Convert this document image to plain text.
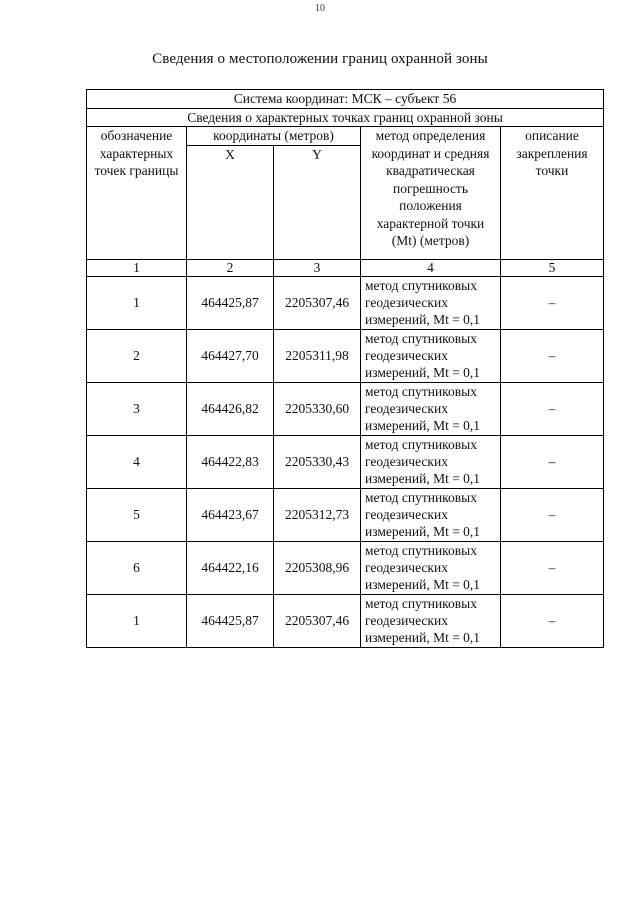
10
Сведения о местоположении границ охранной зоны
Система координат: МСК – субъект 56				
Сведения о характерных точках границ охранной зоны				
обозначение характерных точек границы	координаты (метров)		метод определения координат и средняя квадратическая погрешность положения характерной точки (Mt) (метров)	описание закрепления точки
	X	Y		
1	2	3	4	5
1	464425,87	2205307,46	метод спутниковых геодезических измерений, Mt = 0,1	–
2	464427,70	2205311,98	метод спутниковых геодезических измерений, Mt = 0,1	–
3	464426,82	2205330,60	метод спутниковых геодезических измерений, Mt = 0,1	–
4	464422,83	2205330,43	метод спутниковых геодезических измерений, Mt = 0,1	–
5	464423,67	2205312,73	метод спутниковых геодезических измерений, Mt = 0,1	–
6	464422,16	2205308,96	метод спутниковых геодезических измерений, Mt = 0,1	–
1	464425,87	2205307,46	метод спутниковых геодезических измерений, Mt = 0,1	–
